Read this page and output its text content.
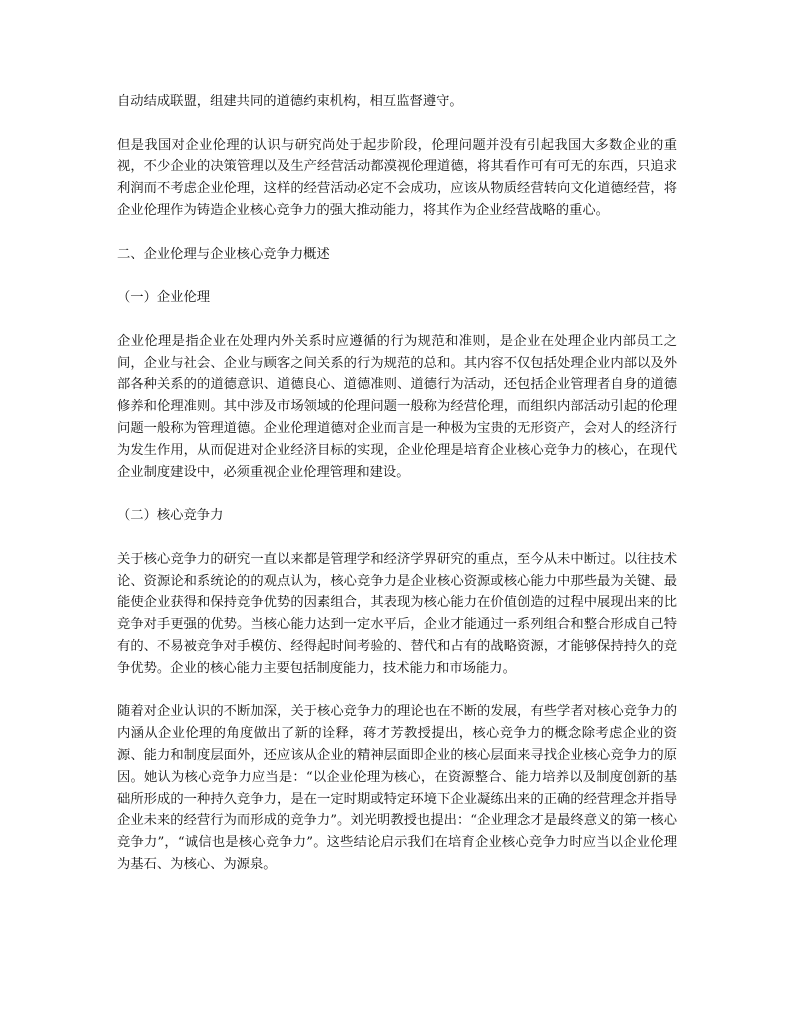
自动结成联盟，组建共同的道德约束机构，相互监督遵守。

但是我国对企业伦理的认识与研究尚处于起步阶段，伦理问题并没有引起我国大多数企业的重视，不少企业的决策管理以及生产经营活动都漠视伦理道德，将其看作可有可无的东西，只追求利润而不考虑企业伦理，这样的经营活动必定不会成功，应该从物质经营转向文化道德经营，将企业伦理作为铸造企业核心竞争力的强大推动能力，将其作为企业经营战略的重心。

二、企业伦理与企业核心竞争力概述

（一）企业伦理

企业伦理是指企业在处理内外关系时应遵循的行为规范和准则，是企业在处理企业内部员工之间，企业与社会、企业与顾客之间关系的行为规范的总和。其内容不仅包括处理企业内部以及外部各种关系的的道德意识、道德良心、道德准则、道德行为活动，还包括企业管理者自身的道德修养和伦理准则。其中涉及市场领域的伦理问题一般称为经营伦理，而组织内部活动引起的伦理问题一般称为管理道德。企业伦理道德对企业而言是一种极为宝贵的无形资产，会对人的经济行为发生作用，从而促进对企业经济目标的实现，企业伦理是培育企业核心竞争力的核心，在现代企业制度建设中，必须重视企业伦理管理和建设。

（二）核心竞争力

关于核心竞争力的研究一直以来都是管理学和经济学界研究的重点，至今从未中断过。以往技术论、资源论和系统论的的观点认为，核心竞争力是企业核心资源或核心能力中那些最为关键、最能使企业获得和保持竞争优势的因素组合，其表现为核心能力在价值创造的过程中展现出来的比竞争对手更强的优势。当核心能力达到一定水平后，企业才能通过一系列组合和整合形成自己特有的、不易被竞争对手模仿、经得起时间考验的、替代和占有的战略资源，才能够保持持久的竞争优势。企业的核心能力主要包括制度能力，技术能力和市场能力。

随着对企业认识的不断加深，关于核心竞争力的理论也在不断的发展，有些学者对核心竞争力的内涵从企业伦理的角度做出了新的诠释，蒋才芳教授提出，核心竞争力的概念除考虑企业的资源、能力和制度层面外，还应该从企业的精神层面即企业的核心层面来寻找企业核心竞争力的原因。她认为核心竞争力应当是：“以企业伦理为核心，在资源整合、能力培养以及制度创新的基础所形成的一种持久竞争力，是在一定时期或特定环境下企业凝练出来的正确的经营理念并指导企业未来的经营行为而形成的竞争力”。刘光明教授也提出：“企业理念才是最终意义的第一核心竞争力”，“诚信也是核心竞争力”。这些结论启示我们在培育企业核心竞争力时应当以企业伦理为基石、为核心、为源泉。
